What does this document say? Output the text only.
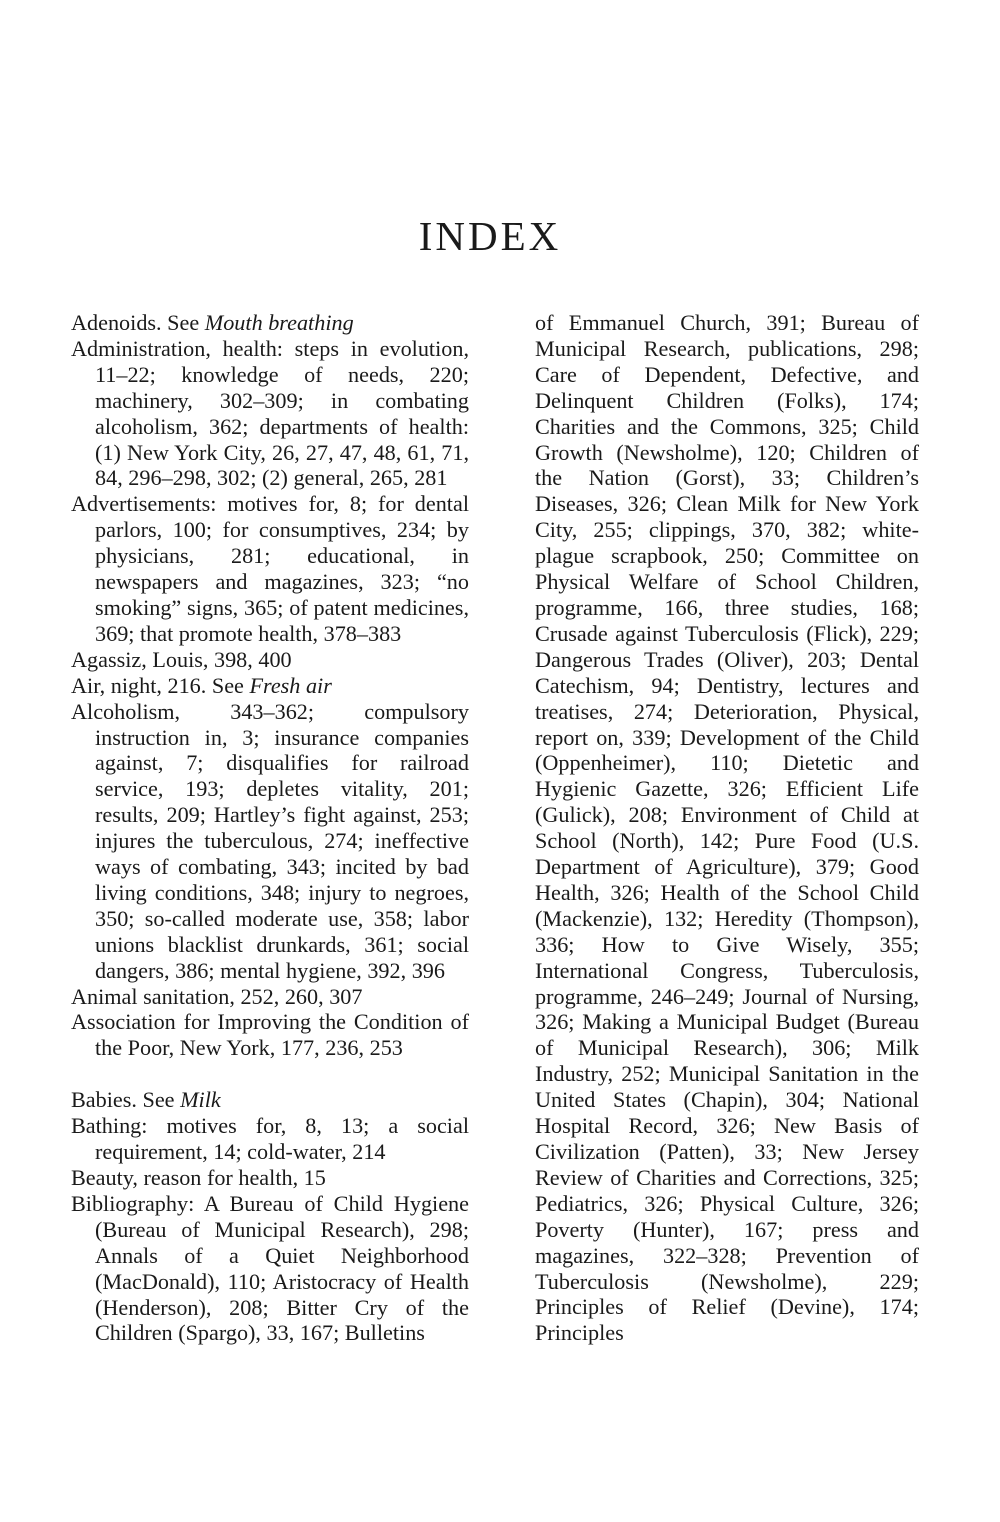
INDEX
Adenoids. See Mouth breathing
Administration, health: steps in evolution, 11–22; knowledge of needs, 220; machinery, 302–309; in combating alcoholism, 362; departments of health: (1) New York City, 26, 27, 47, 48, 61, 71, 84, 296–298, 302; (2) general, 265, 281
Advertisements: motives for, 8; for dental parlors, 100; for consumptives, 234; by physicians, 281; educational, in newspapers and magazines, 323; “no smoking” signs, 365; of patent medicines, 369; that promote health, 378–383
Agassiz, Louis, 398, 400
Air, night, 216. See Fresh air
Alcoholism, 343–362; compulsory instruction in, 3; insurance companies against, 7; disqualifies for railroad service, 193; depletes vitality, 201; results, 209; Hartley’s fight against, 253; injures the tuberculous, 274; ineffective ways of combating, 343; incited by bad living conditions, 348; injury to negroes, 350; so-called moderate use, 358; labor unions blacklist drunkards, 361; social dangers, 386; mental hygiene, 392, 396
Animal sanitation, 252, 260, 307
Association for Improving the Condition of the Poor, New York, 177, 236, 253
Babies. See Milk
Bathing: motives for, 8, 13; a social requirement, 14; cold-water, 214
Beauty, reason for health, 15
Bibliography: A Bureau of Child Hygiene (Bureau of Municipal Research), 298; Annals of a Quiet Neighborhood (MacDonald), 110; Aristocracy of Health (Henderson), 208; Bitter Cry of the Children (Spargo), 33, 167; Bulletins
of Emmanuel Church, 391; Bureau of Municipal Research, publications, 298; Care of Dependent, Defective, and Delinquent Children (Folks), 174; Charities and the Commons, 325; Child Growth (Newsholme), 120; Children of the Nation (Gorst), 33; Children’s Diseases, 326; Clean Milk for New York City, 255; clippings, 370, 382; white-plague scrapbook, 250; Committee on Physical Welfare of School Children, programme, 166, three studies, 168; Crusade against Tuberculosis (Flick), 229; Dangerous Trades (Oliver), 203; Dental Catechism, 94; Dentistry, lectures and treatises, 274; Deterioration, Physical, report on, 339; Development of the Child (Oppenheimer), 110; Dietetic and Hygienic Gazette, 326; Efficient Life (Gulick), 208; Environment of Child at School (North), 142; Pure Food (U.S. Department of Agriculture), 379; Good Health, 326; Health of the School Child (Mackenzie), 132; Heredity (Thompson), 336; How to Give Wisely, 355; International Congress, Tuberculosis, programme, 246–249; Journal of Nursing, 326; Making a Municipal Budget (Bureau of Municipal Research), 306; Milk Industry, 252; Municipal Sanitation in the United States (Chapin), 304; National Hospital Record, 326; New Basis of Civilization (Patten), 33; New Jersey Review of Charities and Corrections, 325; Pediatrics, 326; Physical Culture, 326; Poverty (Hunter), 167; press and magazines, 322–328; Prevention of Tuberculosis (Newsholme), 229; Principles of Relief (Devine), 174; Principles
